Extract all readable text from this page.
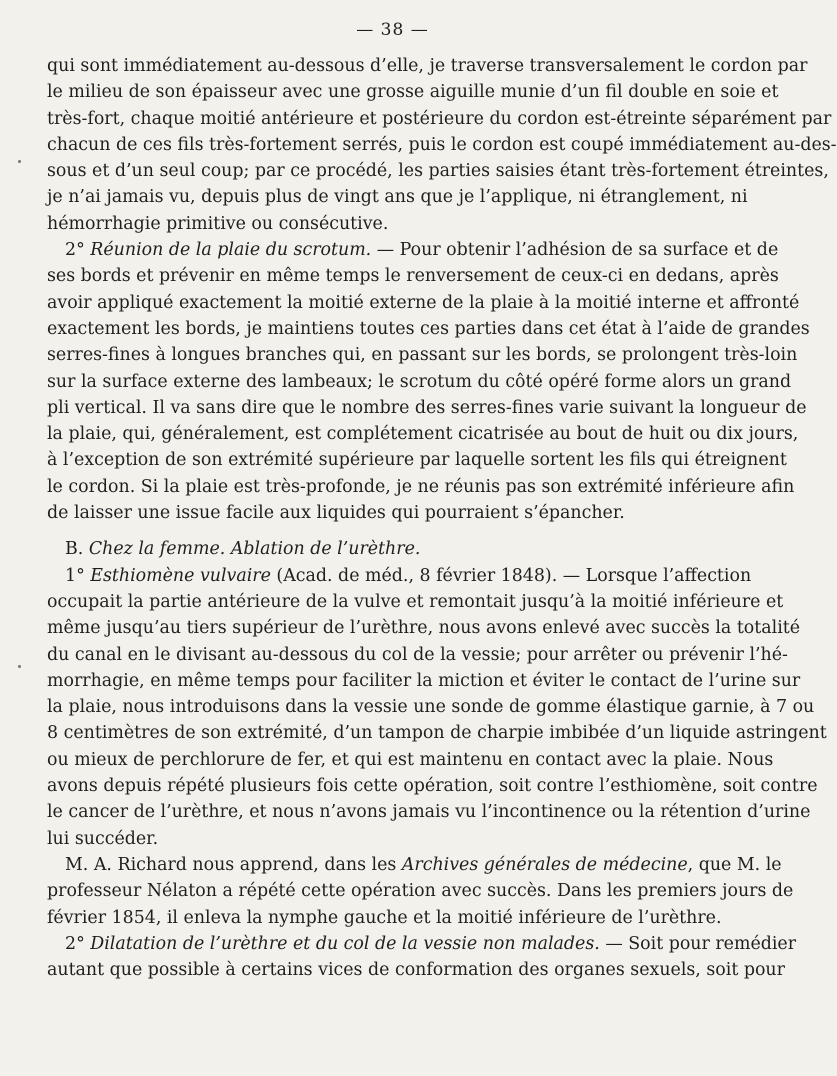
— 38 —
qui sont immédiatement au-dessous d’elle, je traverse transversalement le cordon par
le milieu de son épaisseur avec une grosse aiguille munie d’un fil double en soie et
très-fort, chaque moitié antérieure et postérieure du cordon est-étreinte séparément par
chacun de ces fils très-fortement serrés, puis le cordon est coupé immédiatement au-des-
sous et d’un seul coup; par ce procédé, les parties saisies étant très-fortement étreintes,
je n’ai jamais vu, depuis plus de vingt ans que je l’applique, ni étranglement, ni
hémorrhagie primitive ou consécutive.
2° Réunion de la plaie du scrotum. — Pour obtenir l’adhésion de sa surface et de
ses bords et prévenir en même temps le renversement de ceux-ci en dedans, après
avoir appliqué exactement la moitié externe de la plaie à la moitié interne et affronté
exactement les bords, je maintiens toutes ces parties dans cet état à l’aide de grandes
serres-fines à longues branches qui, en passant sur les bords, se prolongent très-loin
sur la surface externe des lambeaux; le scrotum du côté opéré forme alors un grand
pli vertical. Il va sans dire que le nombre des serres-fines varie suivant la longueur de
la plaie, qui, généralement, est complétement cicatrisée au bout de huit ou dix jours,
à l’exception de son extrémité supérieure par laquelle sortent les fils qui étreignent
le cordon. Si la plaie est très-profonde, je ne réunis pas son extrémité inférieure afin
de laisser une issue facile aux liquides qui pourraient s’épancher.
B. Chez la femme. Ablation de l’urèthre.
1° Esthiomène vulvaire (Acad. de méd., 8 février 1848). — Lorsque l’affection
occupait la partie antérieure de la vulve et remontait jusqu’à la moitié inférieure et
même jusqu’au tiers supérieur de l’urèthre, nous avons enlevé avec succès la totalité
du canal en le divisant au-dessous du col de la vessie; pour arrêter ou prévenir l’hé-
morrhagie, en même temps pour faciliter la miction et éviter le contact de l’urine sur
la plaie, nous introduisons dans la vessie une sonde de gomme élastique garnie, à 7 ou
8 centimètres de son extrémité, d’un tampon de charpie imbibée d’un liquide astringent
ou mieux de perchlorure de fer, et qui est maintenu en contact avec la plaie. Nous
avons depuis répété plusieurs fois cette opération, soit contre l’esthiomène, soit contre
le cancer de l’urèthre, et nous n’avons jamais vu l’incontinence ou la rétention d’urine
lui succéder.
M. A. Richard nous apprend, dans les Archives générales de médecine, que M. le
professeur Nélaton a répété cette opération avec succès. Dans les premiers jours de
février 1854, il enleva la nymphe gauche et la moitié inférieure de l’urèthre.
2° Dilatation de l’urèthre et du col de la vessie non malades. — Soit pour remédier
autant que possible à certains vices de conformation des organes sexuels, soit pour
